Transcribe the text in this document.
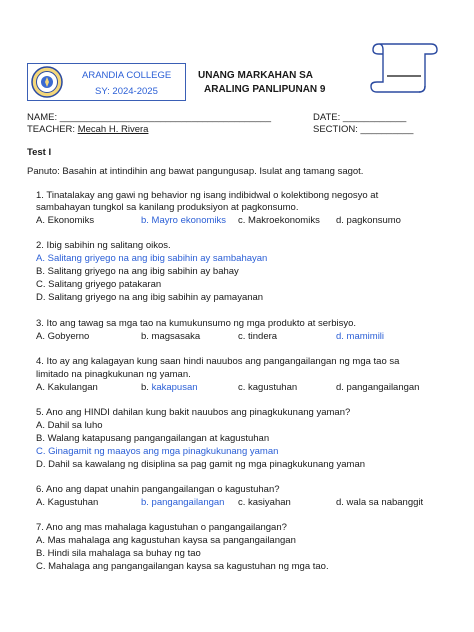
ARANDIA COLLEGE
SY: 2024-2025
UNANG MARKAHAN SA
ARALING PANLIPUNAN 9
NAME: ________________________________________	DATE: ____________
TEACHER: Mecah H. Rivera	SECTION: __________
Test I
Panuto: Basahin at intindihin ang bawat pangungusap. Isulat ang tamang sagot.
1. Tinatalakay ang gawi ng behavior ng isang indibidwal o kolektibong negosyo at
sambahayan tungkol sa kanilang produksiyon at pagkonsumo.
A. Ekonomiks	b. Mayro ekonomiks c. Makroekonomiks d. pagkonsumo
2. Ibig sabihin ng salitang oikos.
A. Salitang griyego na ang ibig sabihin ay sambahayan
B. Salitang griyego na ang ibig sabihin ay bahay
C. Salitang griyego patakaran
D. Salitang griyego na ang ibig sabihin ay pamayanan
3. Ito ang tawag sa mga tao na kumukunsumo ng mga produkto at serbisyo.
A. Gobyerno	b. magsasaka	c. tindera	d. mamimili
4. Ito ay ang kalagayan kung saan hindi nauubos ang pangangailangan ng mga tao sa
limitado na pinagkukunan ng yaman.
A. Kakulangan	b. kakapusan	c. kagustuhan	d. pangangailangan
5. Ano ang HINDI dahilan kung bakit nauubos ang pinagkukunang yaman?
A. Dahil sa luho
B. Walang katapusang pangangailangan at kagustuhan
C. Ginagamit ng maayos ang mga pinagkukunang yaman
D. Dahil sa kawalang ng disiplina sa pag gamit ng mga pinagkukunang yaman
6. Ano ang dapat unahin pangangailangan o kagustuhan?
A. Kagustuhan	b. pangangailangan c. kasiyahan	d. wala sa nabanggit
7. Ano ang mas mahalaga kagustuhan o pangangailangan?
A. Mas mahalaga ang kagustuhan kaysa sa pangangailangan
B. Hindi sila mahalaga sa buhay ng tao
C. Mahalaga ang pangangailangan kaysa sa kagustuhan ng mga tao.
